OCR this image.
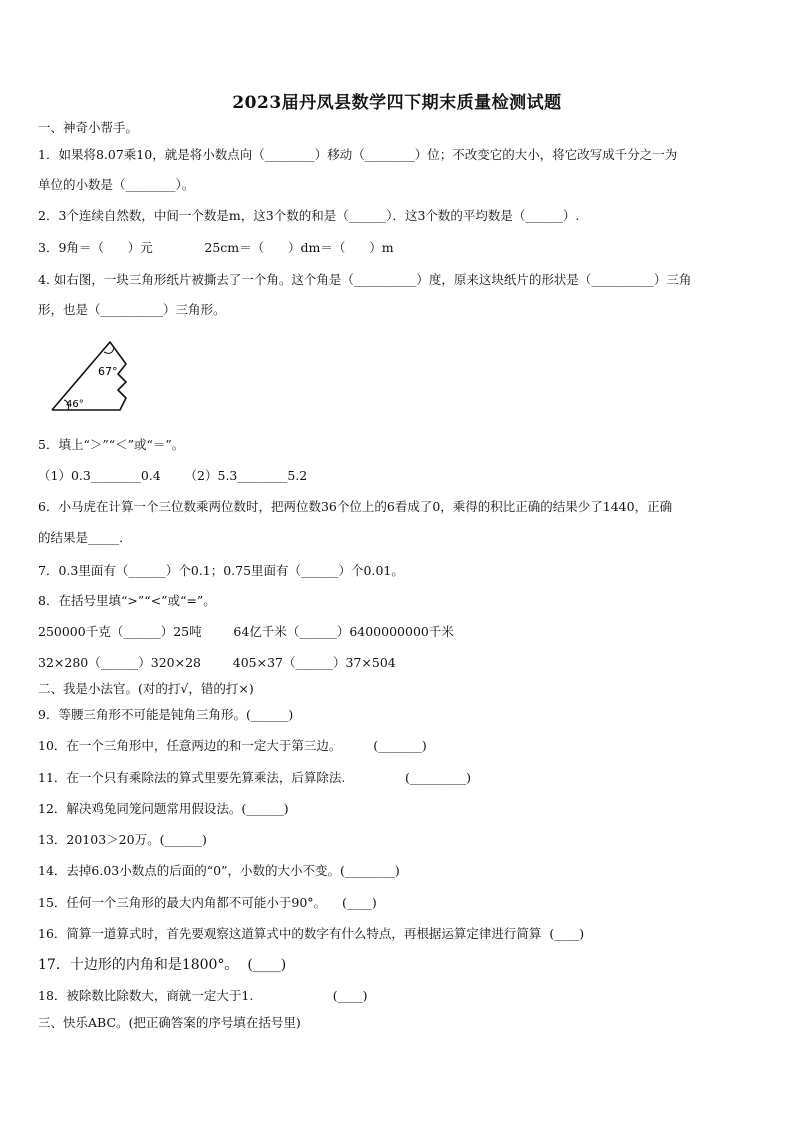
2023届丹凤县数学四下期末质量检测试题
一、神奇小帮手。
1．如果将8.07乘10，就是将小数点向（________）移动（________）位；不改变它的大小，将它改写成千分之一为
单位的小数是（________）。
2．3个连续自然数，中间一个数是m，这3个数的和是（______）．这3个数的平均数是（______）.
3．9角＝（      ）元             25cm＝（      ）dm＝（      ）m
4. 如右图，一块三角形纸片被撕去了一个角。这个角是（__________）度，原来这块纸片的形状是（__________）三角
形，也是（__________）三角形。
67°
46°
5．填上“＞”“＜”或“＝”。
（1）0.3________0.4      （2）5.3________5.2
6．小马虎在计算一个三位数乘两位数时，把两位数36个位上的6看成了0，乘得的积比正确的结果少了1440，正确
的结果是_____．
7．0.3里面有（______）个0.1；0.75里面有（______）个0.01。
8．在括号里填“>”“<”或“=”。
250000千克（______）25吨        64亿千米（______）6400000000千米
32×280（______）320×28        405×37（______）37×504
二、我是小法官。(对的打√，错的打×)
9．等腰三角形不可能是钝角三角形。(______)
10．在一个三角形中，任意两边的和一定大于第三边。        (_______)
11．在一个只有乘除法的算式里要先算乘法，后算除法.               (_________)
12．解决鸡兔同笼问题常用假设法。(______)
13．20103＞20万。(______)
14．去掉6.03小数点的后面的“0”，小数的大小不变。(________)
15．任何一个三角形的最大内角都不可能小于90°。    (____)
16．简算一道算式时，首先要观察这道算式中的数字有什么特点，再根据运算定律进行简算  (____)
17．十边形的内角和是1800°。  (____)
18．被除数比除数大，商就一定大于1.                    (____)
三、快乐ABC。(把正确答案的序号填在括号里)
